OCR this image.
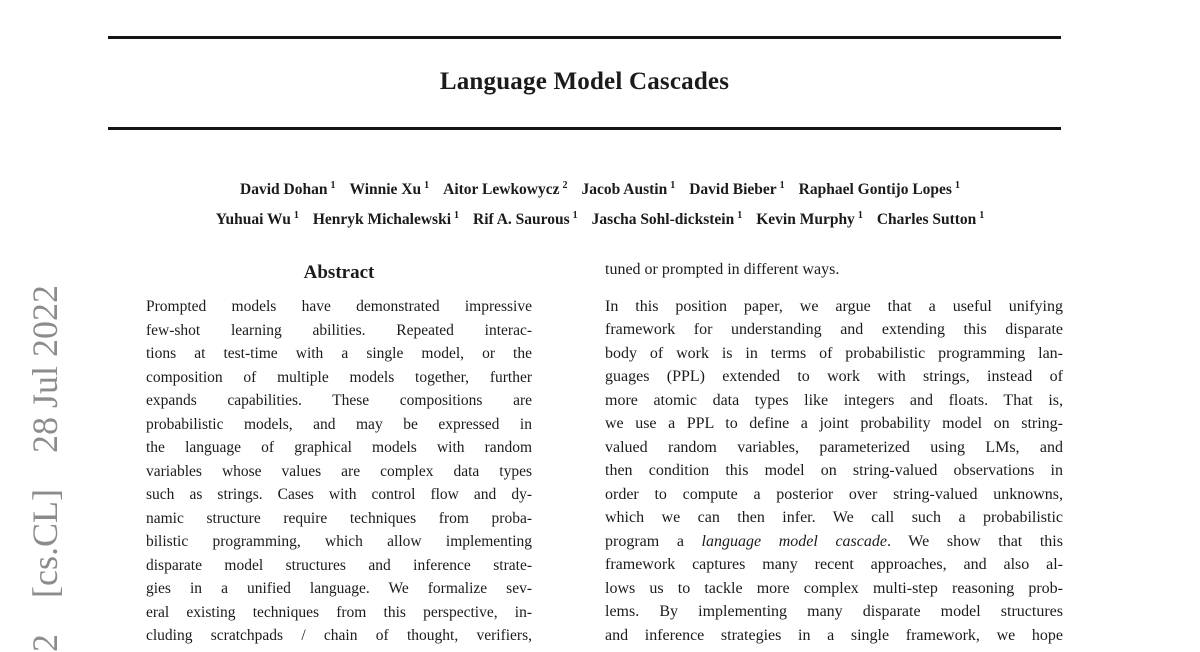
Language Model Cascades
David Dohan $^1$ Winnie Xu $^1$ Aitor Lewkowycz $^2$ Jacob Austin $^1$ David Bieber $^1$ Raphael Gontijo Lopes $^1$
Yuhuai Wu $^1$ Henryk Michalewski $^1$ Rif A. Saurous $^1$ Jascha Sohl-dickstein $^1$ Kevin Murphy $^1$ Charles Sutton $^1$
Abstract
Prompted models have demonstrated impressive
few-shot learning abilities. Repeated interac-
tions at test-time with a single model, or the
composition of multiple models together, further
expands capabilities. These compositions are
probabilistic models, and may be expressed in
the language of graphical models with random
variables whose values are complex data types
such as strings. Cases with control flow and dy-
namic structure require techniques from proba-
bilistic programming, which allow implementing
disparate model structures and inference strate-
gies in a unified language. We formalize sev-
eral existing techniques from this perspective, in-
cluding scratchpads / chain of thought, verifiers,
tuned or prompted in different ways.
In this position paper, we argue that a useful unifying
framework for understanding and extending this disparate
body of work is in terms of probabilistic programming lan-
guages (PPL) extended to work with strings, instead of
more atomic data types like integers and floats. That is,
we use a PPL to define a joint probability model on string-
valued random variables, parameterized using LMs, and
then condition this model on string-valued observations in
order to compute a posterior over string-valued unknowns,
which we can then infer. We call such a probabilistic
program a language model cascade. We show that this
framework captures many recent approaches, and also al-
lows us to tackle more complex multi-step reasoning prob-
lems. By implementing many disparate model structures
and inference strategies in a single framework, we hope
2 [cs.CL] 28 Jul 2022
